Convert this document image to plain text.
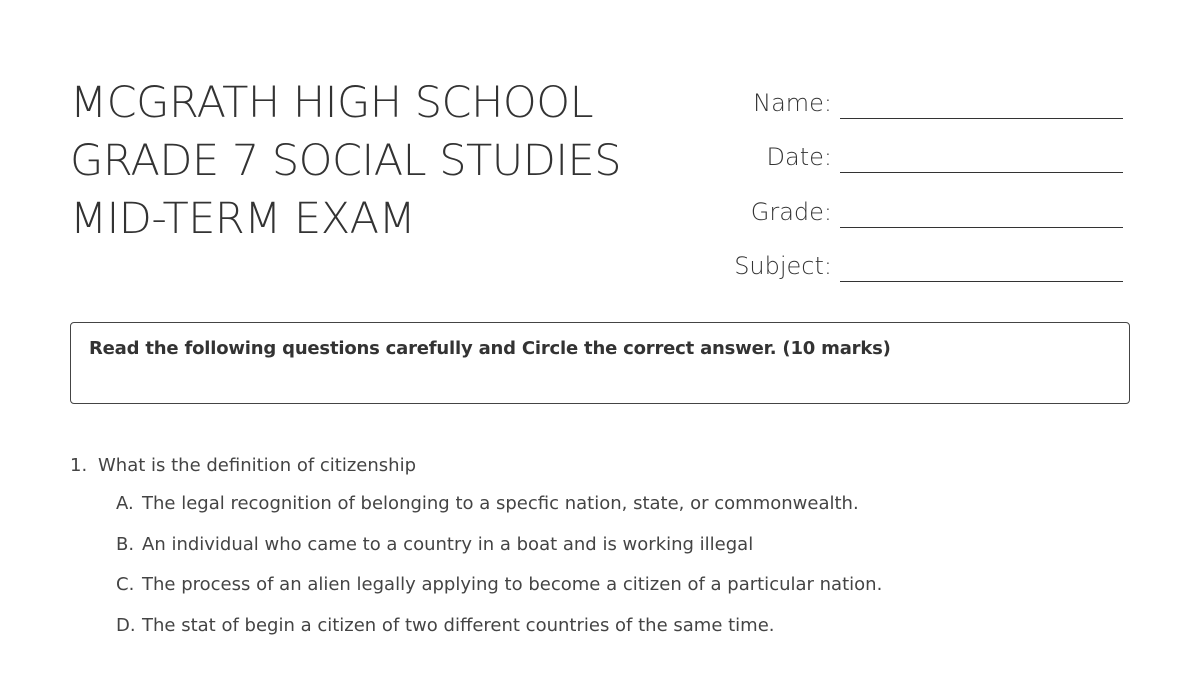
MCGRATH HIGH SCHOOL
GRADE 7 SOCIAL STUDIES
MID-TERM EXAM
Name:
Date:
Grade:
Subject:
Read the following questions carefully and Circle the correct answer. (10 marks)
1. What is the definition of citizenship
A. The legal recognition of belonging to a specfic nation, state, or commonwealth.
B. An individual who came to a country in a boat and is working illegal
C. The process of an alien legally applying to become a citizen of a particular nation.
D. The stat of begin a citizen of two different countries of the same time.
